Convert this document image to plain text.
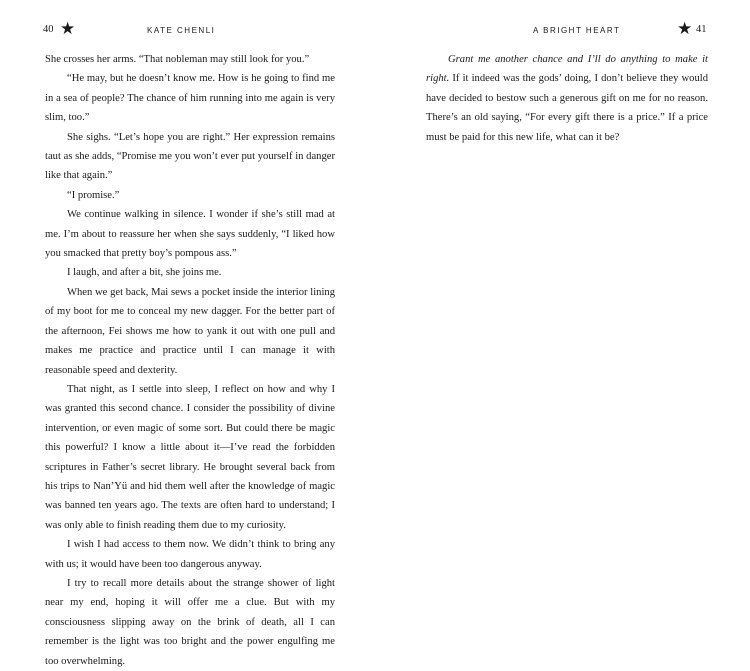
40 ★	KATE CHENLI

She crosses her arms. “That nobleman may still look for you.”

“He may, but he doesn’t know me. How is he going to find me in a sea of people? The chance of him running into me again is very slim, too.”

She sighs. “Let’s hope you are right.” Her expression remains taut as she adds, “Promise me you won’t ever put yourself in danger like that again.”

“I promise.”

We continue walking in silence. I wonder if she’s still mad at me. I’m about to reassure her when she says suddenly, “I liked how you smacked that pretty boy’s pompous ass.”

I laugh, and after a bit, she joins me.

When we get back, Mai sews a pocket inside the interior lining of my boot for me to conceal my new dagger. For the better part of the afternoon, Fei shows me how to yank it out with one pull and makes me practice and practice until I can manage it with reasonable speed and dexterity.

That night, as I settle into sleep, I reflect on how and why I was granted this second chance. I consider the possibility of divine intervention, or even magic of some sort. But could there be magic this powerful? I know a little about it—I’ve read the forbidden scriptures in Father’s secret library. He brought several back from his trips to Nan’Yü and hid them well after the knowledge of magic was banned ten years ago. The texts are often hard to understand; I was only able to finish reading them due to my curiosity.

I wish I had access to them now. We didn’t think to bring any with us; it would have been too dangerous anyway.

I try to recall more details about the strange shower of light near my end, hoping it will offer me a clue. But with my consciousness slipping away on the brink of death, all I can remember is the light was too bright and the power engulfing me too overwhelming.

A BRIGHT HEART	★ 41

Grant me another chance and I’ll do anything to make it right. If it indeed was the gods’ doing, I don’t believe they would have decided to bestow such a generous gift on me for no reason. There’s an old saying, “For every gift there is a price.” If a price must be paid for this new life, what can it be?
